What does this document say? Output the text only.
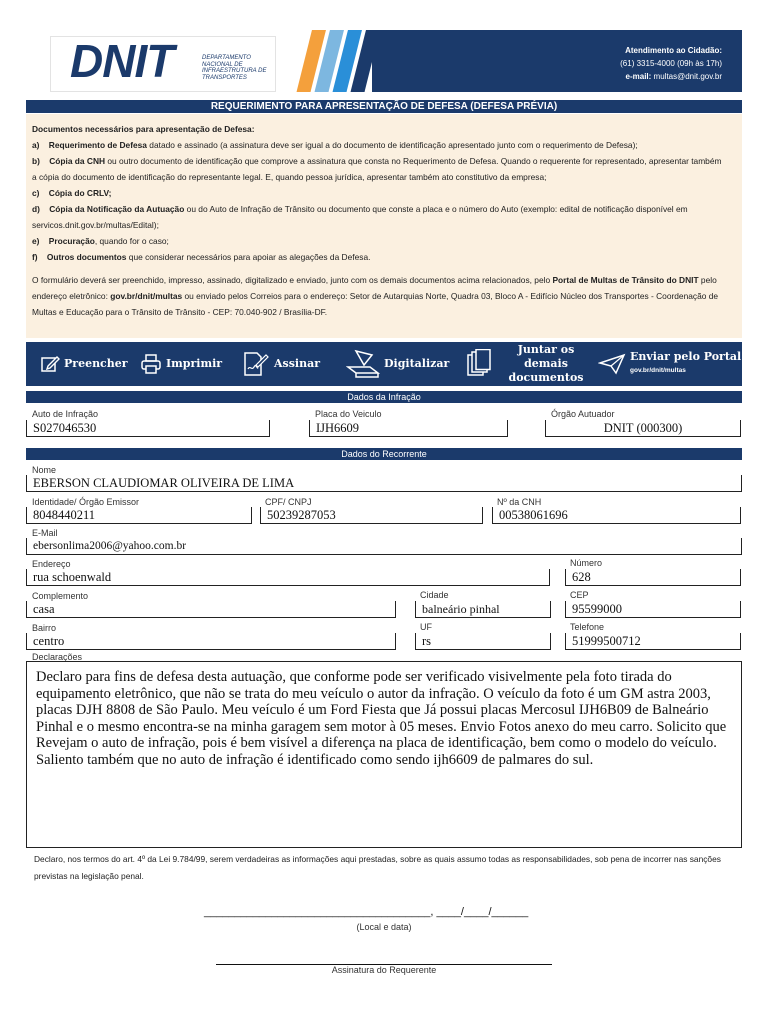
DNIT	DEPARTAMENTO NACIONAL DE INFRAESTRUTURA DE TRANSPORTES
Atendimento ao Cidadão:
(61) 3315-4000 (09h às 17h)
e-mail: multas@dnit.gov.br
REQUERIMENTO PARA APRESENTAÇÃO DE DEFESA (DEFESA PRÉVIA)

Documentos necessários para apresentação de Defesa:

a) Requerimento de Defesa datado e assinado (a assinatura deve ser igual a do documento de identificação apresentado junto com o requerimento de Defesa);

b) Cópia da CNH ou outro documento de identificação que comprove a assinatura que consta no Requerimento de Defesa. Quando o requerente for representado, apresentar também a cópia do documento de identificação do representante legal. E, quando pessoa jurídica, apresentar também ato constitutivo da empresa;

c) Cópia do CRLV;

d) Cópia da Notificação da Autuação ou do Auto de Infração de Trânsito ou documento que conste a placa e o número do Auto (exemplo: edital de notificação disponível em servicos.dnit.gov.br/multas/Edital);

e) Procuração, quando for o caso;

f) Outros documentos que considerar necessários para apoiar as alegações da Defesa.

O formulário deverá ser preenchido, impresso, assinado, digitalizado e enviado, junto com os demais documentos acima relacionados, pelo Portal de Multas de Trânsito do DNIT pelo endereço eletrônico: gov.br/dnit/multas ou enviado pelos Correios para o endereço: Setor de Autarquias Norte, Quadra 03, Bloco A - Edifício Núcleo dos Transportes - Coordenação de Multas e Educação para o Trânsito de Trânsito - CEP: 70.040-902 / Brasília-DF.

Preencher	Imprimir	Assinar	Digitalizar
Juntar os demais documentos
Enviar pelo Portal
gov.br/dnit/multas
Dados da Infração
Auto de Infração
S027046530
Placa do Veiculo
IJH6609
Órgão Autuador
DNIT (000300)
Dados do Recorrente
Nome
EBERSON CLAUDIOMAR OLIVEIRA DE LIMA
Identidade/ Órgão Emissor
8048440211
CPF/ CNPJ
50239287053
Nº da CNH
00538061696
E-Mail
ebersonlima2006@yahoo.com.br
Endereço
rua schoenwald
Número
628
Complemento
casa
Cidade
balneário pinhal
CEP
95599000
Bairro
centro
UF
rs
Telefone
51999500712
Declarações
Declaro para fins de defesa desta autuação, que conforme pode ser verificado visivelmente pela foto tirada do equipamento eletrônico, que não se trata do meu veículo o autor da infração. O veículo da foto é um GM astra 2003, placas DJH 8808 de São Paulo. Meu veículo é um Ford Fiesta que Já possui placas Mercosul IJH6B09 de Balneário Pinhal e o mesmo encontra-se na minha garagem sem motor à 05 meses. Envio Fotos anexo do meu carro. Solicito que Revejam o auto de infração, pois é bem visível a diferença na placa de identificação, bem como o modelo do veículo. Saliento também que no auto de infração é identificado como sendo ijh6609 de palmares do sul.
Declaro, nos termos do art. 4º da Lei 9.784/99, serem verdadeiras as informações aqui prestadas, sobre as quais assumo todas as responsabilidades, sob pena de incorrer nas sanções previstas na legislação penal.
_____________________________________, ____/____/______
(Local e data)
Assinatura do Requerente
